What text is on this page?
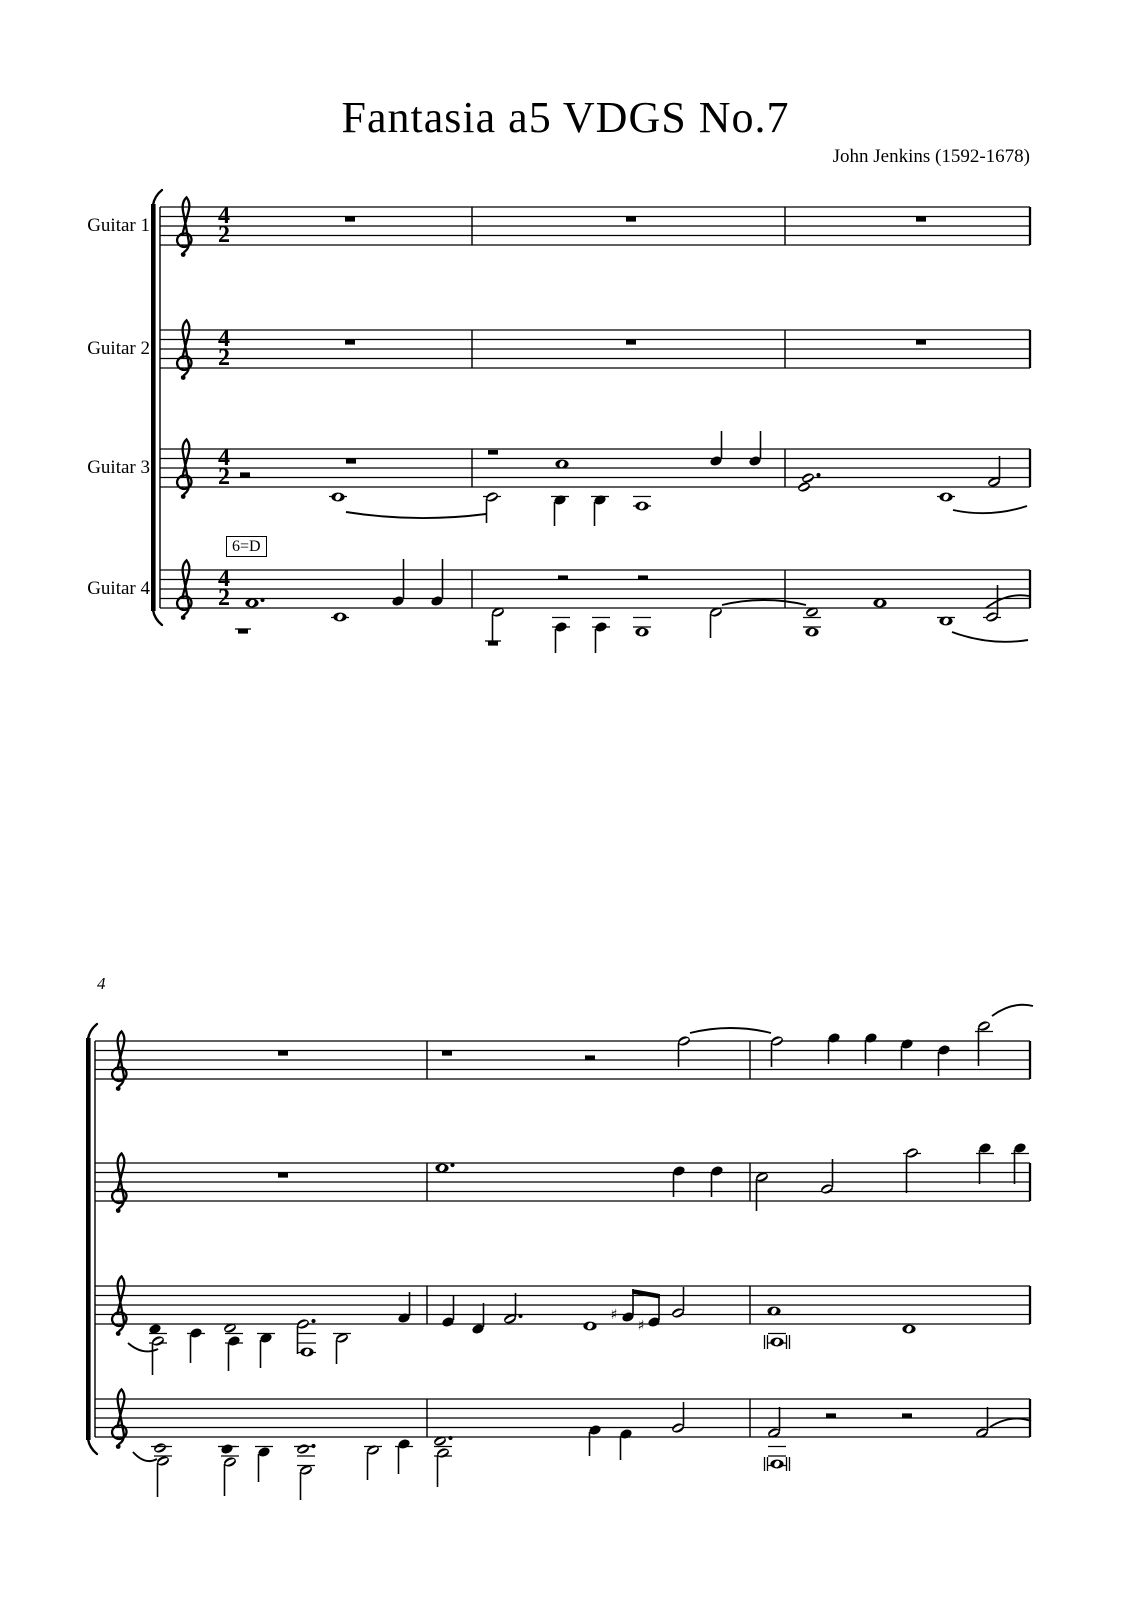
4
2
4
2
4
2
4
2
♯
♯
Fantasia a5 VDGS No.7
John Jenkins (1592-1678)
Guitar 1
Guitar 2
Guitar 3
Guitar 4
6=D
4
